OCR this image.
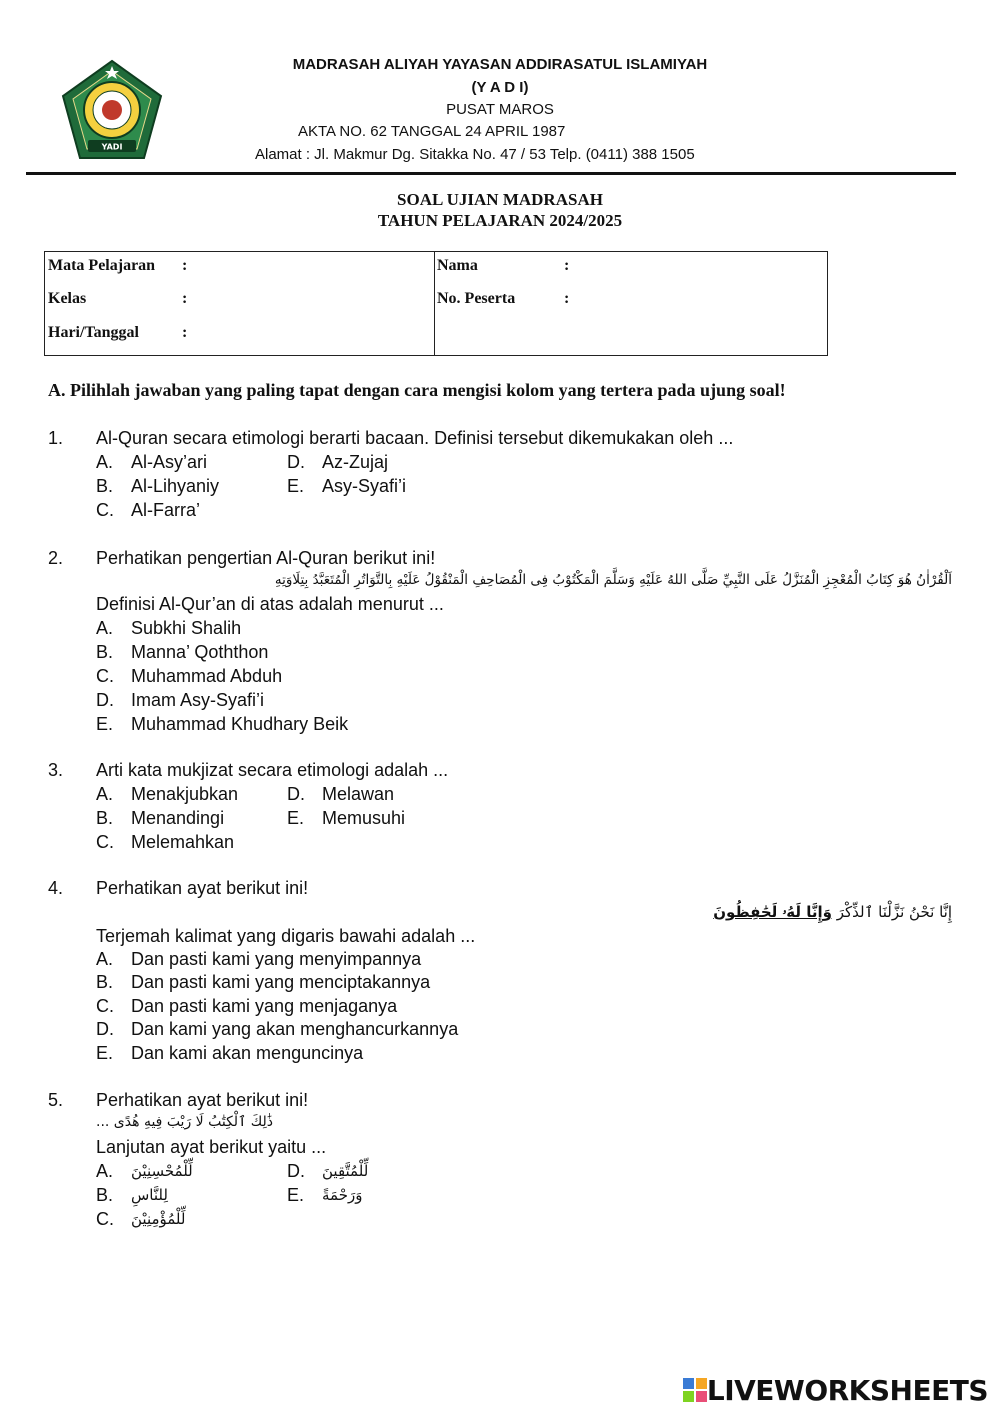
YADI
MADRASAH ALIYAH YAYASAN ADDIRASATUL ISLAMIYAH
(Y A D I)
PUSAT MAROS
AKTA NO. 62 TANGGAL 24 APRIL 1987
Alamat : Jl. Makmur Dg. Sitakka No. 47 / 53 Telp. (0411) 388 1505
SOAL UJIAN MADRASAH
TAHUN PELAJARAN 2024/2025
Mata Pelajaran :
Kelas	:
Hari/Tanggal	:
Nama	:
No. Peserta	:
A. Pilihlah jawaban yang paling tapat dengan cara mengisi kolom yang tertera pada ujung soal!
1. Al-Quran secara etimologi berarti bacaan. Definisi tersebut dikemukakan oleh ...
A. Al-Asy’ari
B. Al-Lihyaniy
C. Al-Farra’
D. Az-Zujaj
E. Asy-Syafi’i
2. Perhatikan pengertian Al-Quran berikut ini!
اَلْقُرْاٰنُ هُوَ كِتَابُ الْمُعْجِزِ الْمُنَزَّلُ عَلَى النَّبِيِّ صَلَّى اللهُ عَلَيْهِ وَسَلَّمَ الْمَكْتُوْبُ فِى الْمُصَاحِفِ الْمَنْقُوْلُ عَلَيْهِ بِالتَّوَاتُرِ الْمُتَعَبَّدُ بِتِلَاوَتِهِ
Definisi Al-Qur’an di atas adalah menurut ...
A. Subkhi Shalih
B. Manna’ Qoththon
C. Muhammad Abduh
D. Imam Asy-Syafi’i
E. Muhammad Khudhary Beik
3. Arti kata mukjizat secara etimologi adalah ...
A. Menakjubkan
B. Menandingi
C. Melemahkan
D. Melawan
E. Memusuhi
4. Perhatikan ayat berikut ini!
إِنَّا نَحْنُ نَزَّلْنَا ٱلذِّكْرَ وَإِنَّا لَهُۥ لَحَٰفِظُونَ
Terjemah kalimat yang digaris bawahi adalah ...
A. Dan pasti kami yang menyimpannya
B. Dan pasti kami yang menciptakannya
C. Dan pasti kami yang menjaganya
D. Dan kami yang akan menghancurkannya
E. Dan kami akan menguncinya
5. Perhatikan ayat berikut ini!
ذَٰلِكَ ٱلْكِتَٰبُ لَا رَيْبَ فِيهِ هُدًى ...
Lanjutan ayat berikut yaitu ...
A. لِّلْمُحْسِنِيْنَ
B. لِلنَّاسِ
C. لِّلْمُؤْمِنِيْنَ
D. لِّلْمُتَّقِينَ
E. وَرَحْمَةً
LIVEWORKSHEETS
